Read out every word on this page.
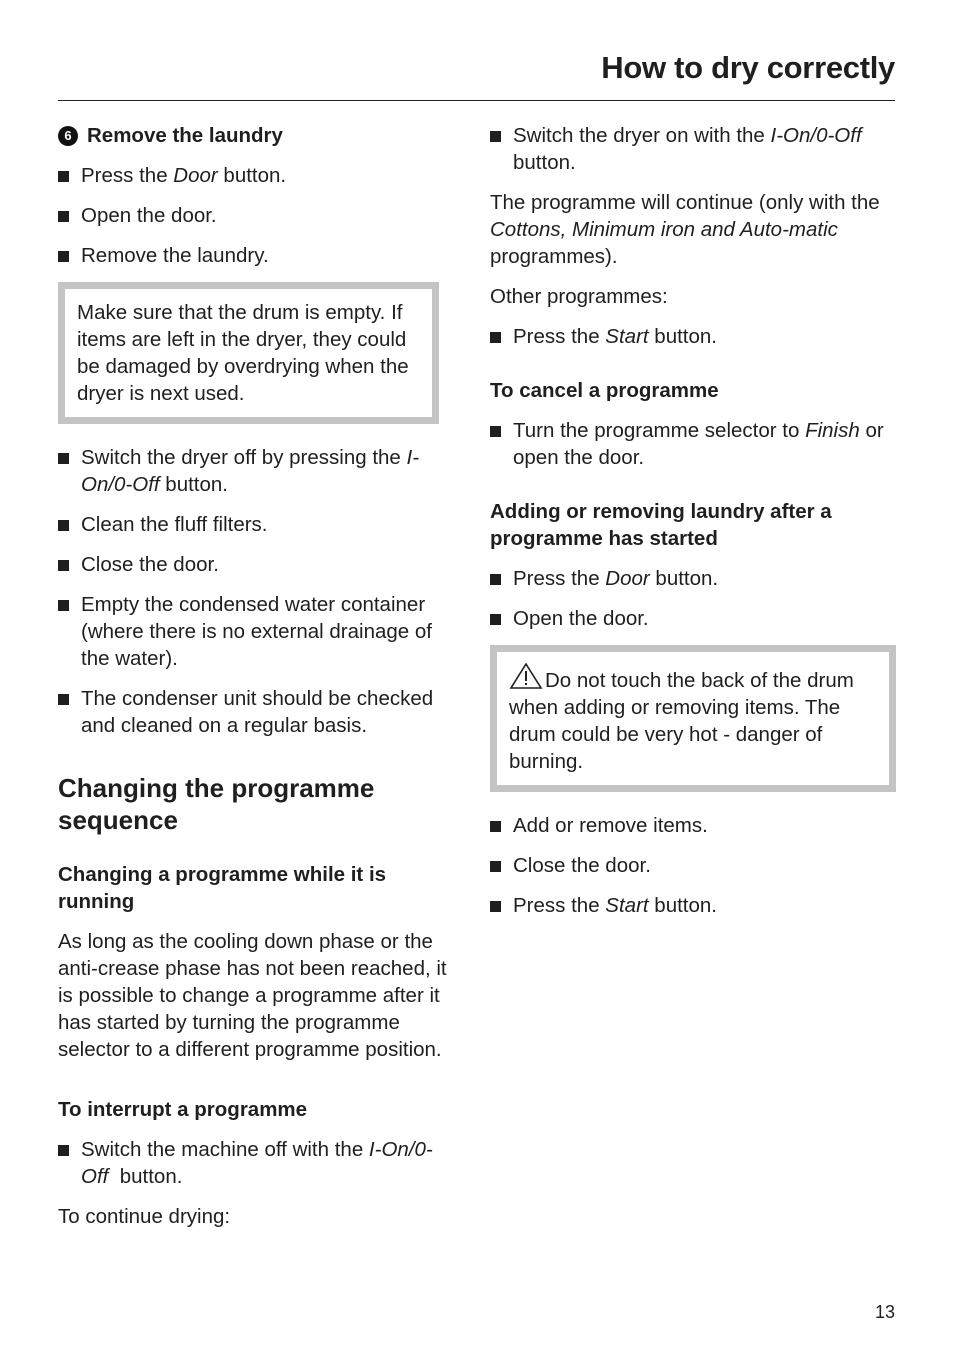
How to dry correctly
6 Remove the laundry
Press the Door button.
Open the door.
Remove the laundry.
Make sure that the drum is empty. If items are left in the dryer, they could be damaged by overdrying when the dryer is next used.
Switch the dryer off by pressing the I-On/0-Off button.
Clean the fluff filters.
Close the door.
Empty the condensed water container (where there is no external drainage of the water).
The condenser unit should be checked and cleaned on a regular basis.
Changing the programme sequence
Changing a programme while it is running

As long as the cooling down phase or the anti-crease phase has not been reached, it is possible to change a programme after it has started by turning the programme selector to a different programme position.

To interrupt a programme
Switch the machine off with the I-On/0-Off  button.

To continue drying:

Switch the dryer on with the I-On/0-Off button.

The programme will continue (only with the Cottons, Minimum iron and Auto-matic programmes).

Other programmes:

Press the Start button.
To cancel a programme
Turn the programme selector to Finish or open the door.
Adding or removing laundry after a programme has started
Press the Door button.
Open the door.
Do not touch the back of the drum when adding or removing items. The drum could be very hot - danger of burning.
Add or remove items.
Close the door.
Press the Start button.
13
